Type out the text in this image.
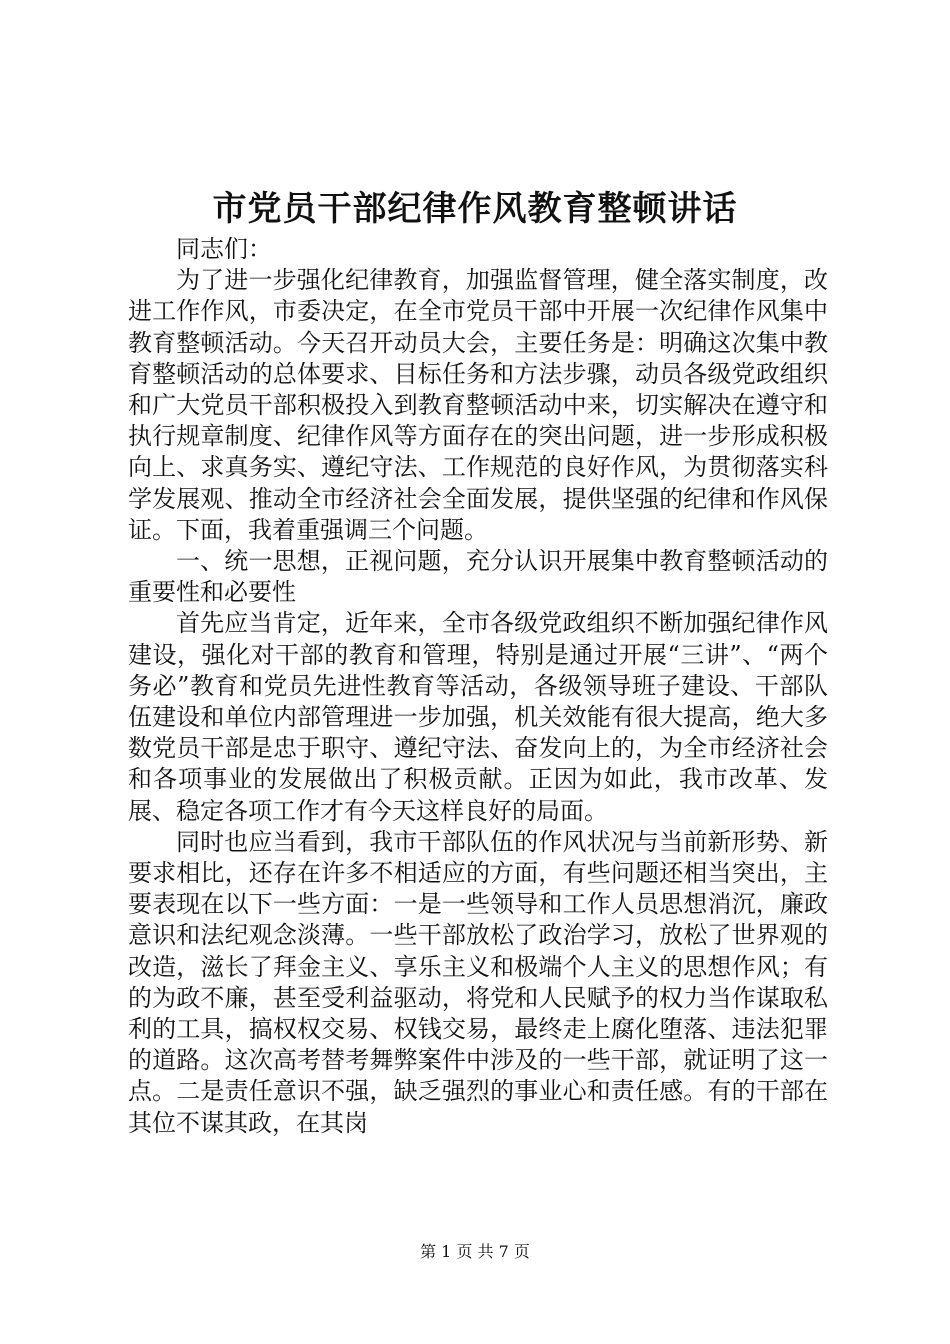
市党员干部纪律作风教育整顿讲话

同志们：

为了进一步强化纪律教育，加强监督管理，健全落实制度，改进工作作风，市委决定，在全市党员干部中开展一次纪律作风集中教育整顿活动。今天召开动员大会，主要任务是：明确这次集中教育整顿活动的总体要求、目标任务和方法步骤，动员各级党政组织和广大党员干部积极投入到教育整顿活动中来，切实解决在遵守和执行规章制度、纪律作风等方面存在的突出问题，进一步形成积极向上、求真务实、遵纪守法、工作规范的良好作风，为贯彻落实科学发展观、推动全市经济社会全面发展，提供坚强的纪律和作风保证。下面，我着重强调三个问题。

一、统一思想，正视问题，充分认识开展集中教育整顿活动的重要性和必要性

首先应当肯定，近年来，全市各级党政组织不断加强纪律作风建设，强化对干部的教育和管理，特别是通过开展“三讲”、“两个务必”教育和党员先进性教育等活动，各级领导班子建设、干部队伍建设和单位内部管理进一步加强，机关效能有很大提高，绝大多数党员干部是忠于职守、遵纪守法、奋发向上的，为全市经济社会和各项事业的发展做出了积极贡献。正因为如此，我市改革、发展、稳定各项工作才有今天这样良好的局面。

同时也应当看到，我市干部队伍的作风状况与当前新形势、新要求相比，还存在许多不相适应的方面，有些问题还相当突出，主要表现在以下一些方面：一是一些领导和工作人员思想消沉，廉政意识和法纪观念淡薄。一些干部放松了政治学习，放松了世界观的改造，滋长了拜金主义、享乐主义和极端个人主义的思想作风；有的为政不廉，甚至受利益驱动，将党和人民赋予的权力当作谋取私利的工具，搞权权交易、权钱交易，最终走上腐化堕落、违法犯罪的道路。这次高考替考舞弊案件中涉及的一些干部，就证明了这一点。二是责任意识不强，缺乏强烈的事业心和责任感。有的干部在其位不谋其政，在其岗

第 1 页 共 7 页
